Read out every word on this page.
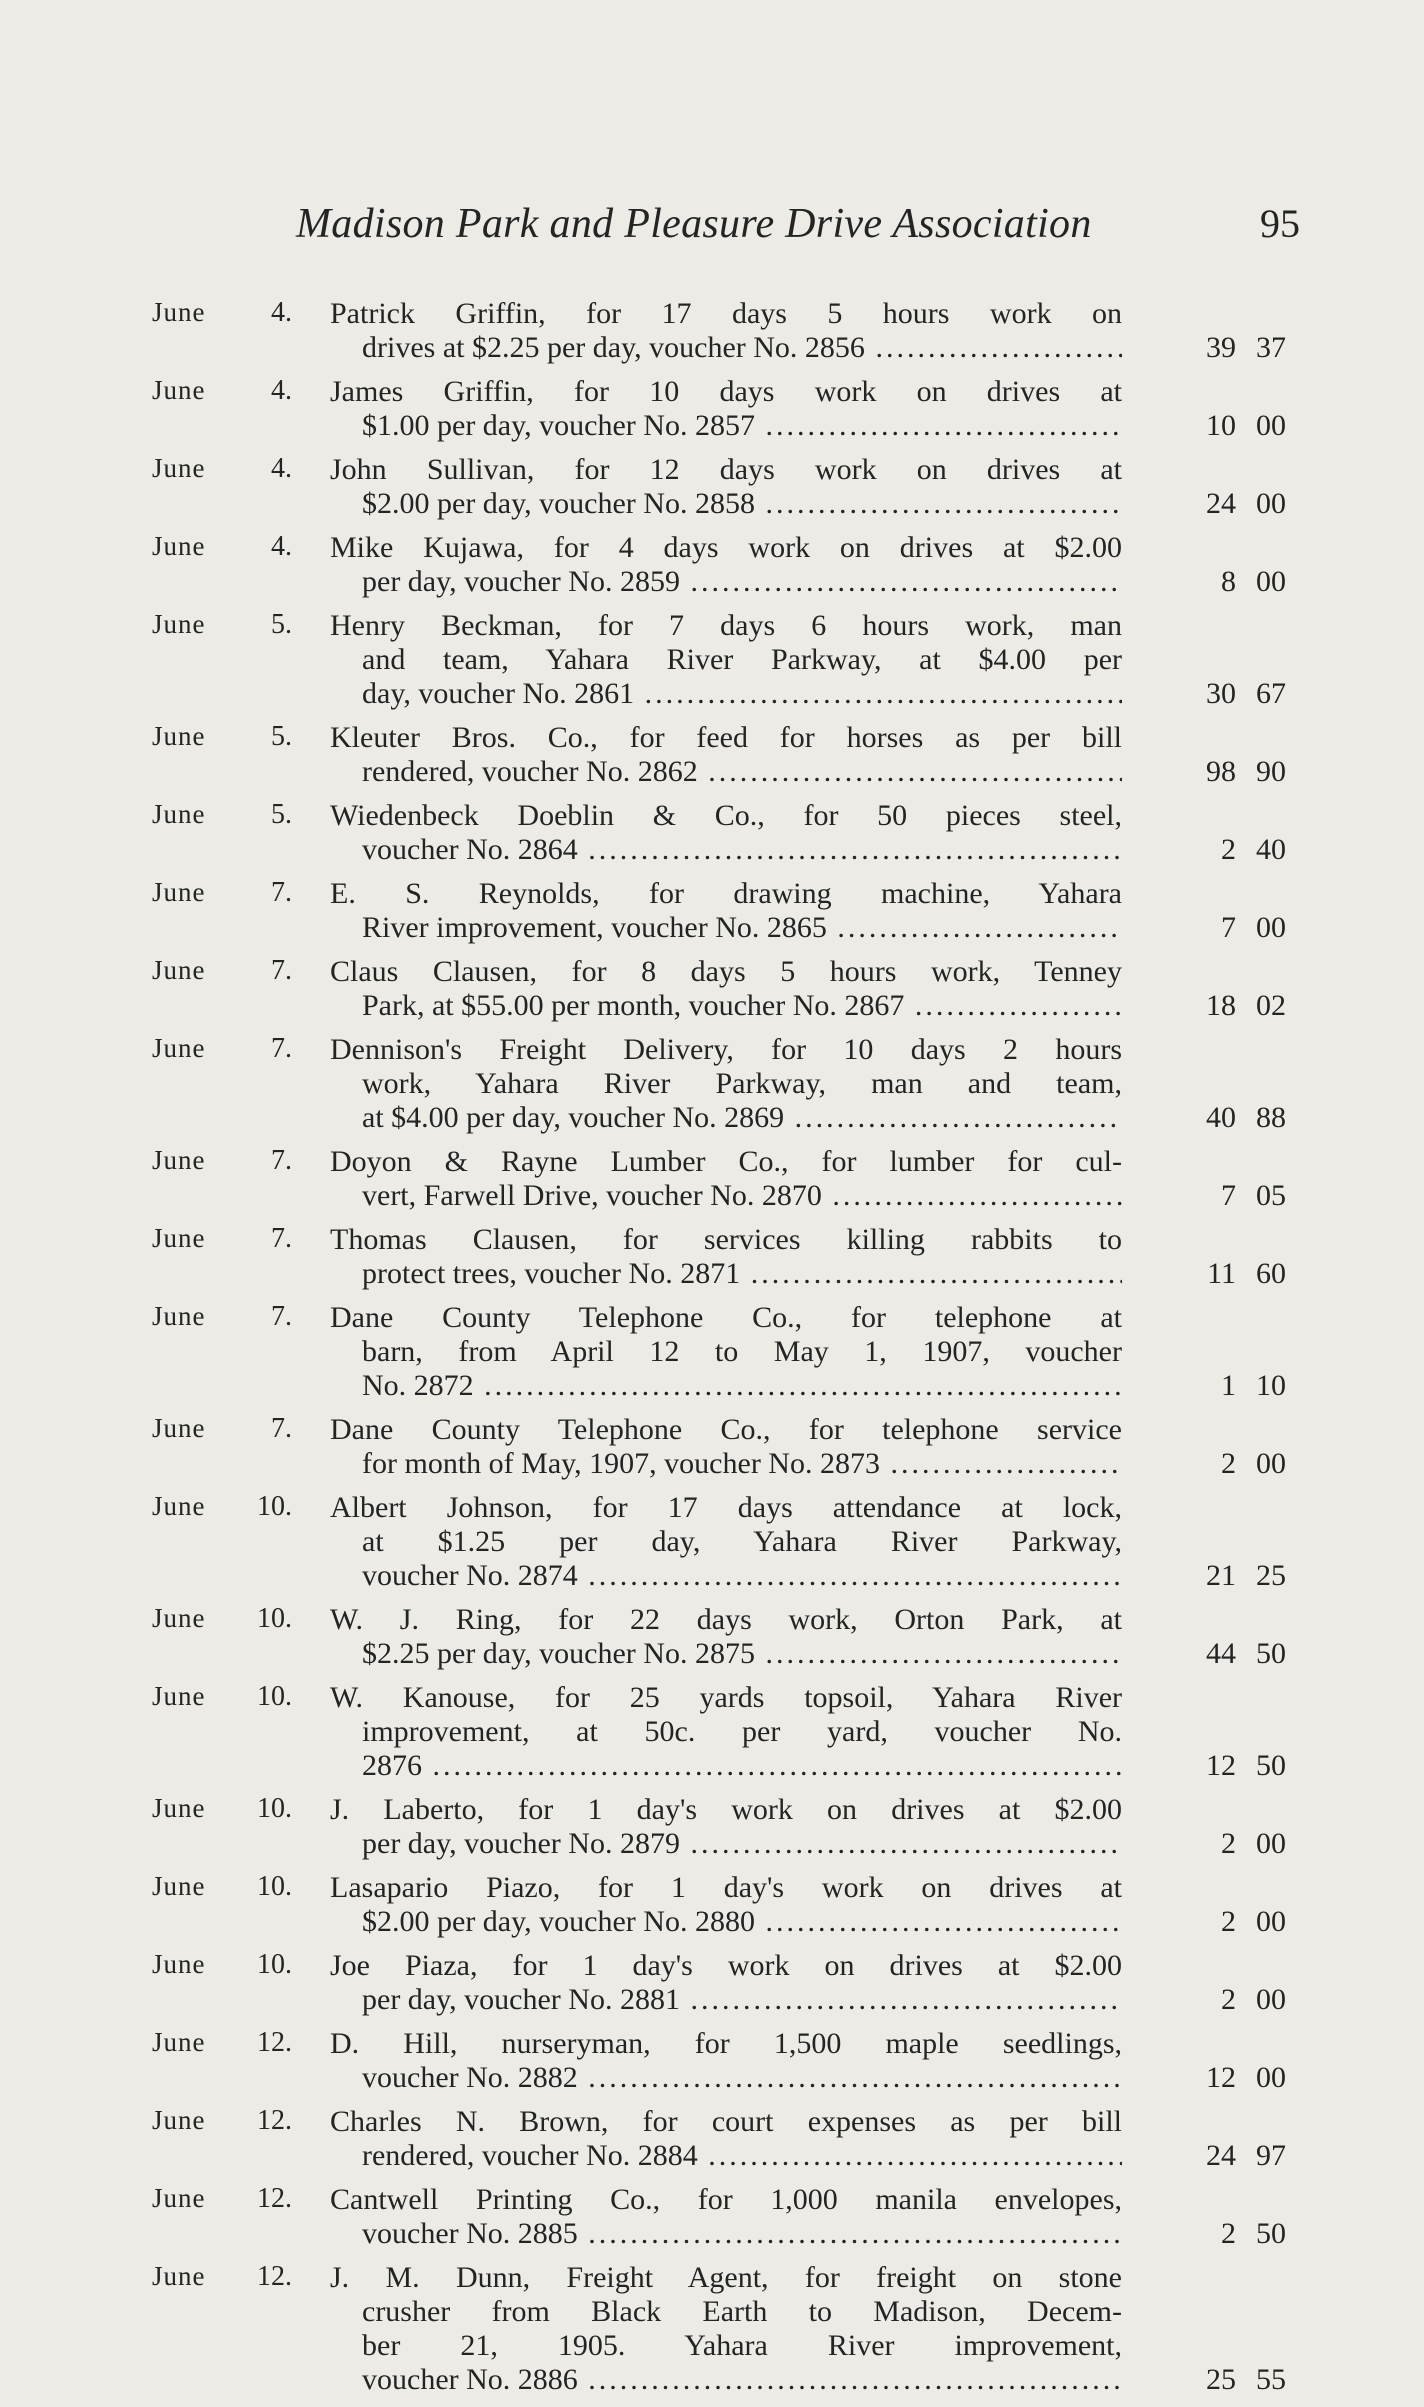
Madison Park and Pleasure Drive Association	95
June	4. Patrick Griffin, for 17 days 5 hours work on
drives at $2.25 per day, voucher No. 2856 .....	39 37
June	4. James Griffin, for 10 days work on drives at
$1.00 per day, voucher No. 2857 .....	10 00
June	4. John Sullivan, for 12 days work on drives at
$2.00 per day, voucher No. 2858 .....	24 00
June	4. Mike Kujawa, for 4 days work on drives at $2.00
per day, voucher No. 2859 .....	8 00
June	5. Henry Beckman, for 7 days 6 hours work, man
and team, Yahara River Parkway, at $4.00 per
day, voucher No. 2861 .....	30 67
June	5. Kleuter Bros. Co., for feed for horses as per bill
rendered, voucher No. 2862 .....	98 90
June	5. Wiedenbeck Doeblin & Co., for 50 pieces steel,
voucher No. 2864 .....	2 40
June	7. E. S. Reynolds, for drawing machine, Yahara
River improvement, voucher No. 2865 .....	7 00
June	7. Claus Clausen, for 8 days 5 hours work, Tenney
Park, at $55.00 per month, voucher No. 2867 .....	18 02
June	7. Dennison's Freight Delivery, for 10 days 2 hours
work, Yahara River Parkway, man and team,
at $4.00 per day, voucher No. 2869 .....	40 88
June	7. Doyon & Rayne Lumber Co., for lumber for cul-
vert, Farwell Drive, voucher No. 2870 .....	7 05
June	7. Thomas Clausen, for services killing rabbits to
protect trees, voucher No. 2871 .....	11 60
June	7. Dane County Telephone Co., for telephone at
barn, from April 12 to May 1, 1907, voucher
No. 2872 .....	1 10
June	7. Dane County Telephone Co., for telephone service
for month of May, 1907, voucher No. 2873 .....	2 00
June	10. Albert Johnson, for 17 days attendance at lock,
at $1.25 per day, Yahara River Parkway,
voucher No. 2874 .....	21 25
June	10. W. J. Ring, for 22 days work, Orton Park, at
$2.25 per day, voucher No. 2875 .....	44 50
June	10. W. Kanouse, for 25 yards topsoil, Yahara River
improvement, at 50c. per yard, voucher No.
2876 .....	12 50
June	10. J. Laberto, for 1 day's work on drives at $2.00
per day, voucher No. 2879 .....	2 00
June	10. Lasapario Piazo, for 1 day's work on drives at
$2.00 per day, voucher No. 2880 .....	2 00
June	10. Joe Piaza, for 1 day's work on drives at $2.00
per day, voucher No. 2881 .....	2 00
June	12. D. Hill, nurseryman, for 1,500 maple seedlings,
voucher No. 2882 .....	12 00
June	12. Charles N. Brown, for court expenses as per bill
rendered, voucher No. 2884 .....	24 97
June	12. Cantwell Printing Co., for 1,000 manila envelopes,
voucher No. 2885 .....	2 50
June	12. J. M. Dunn, Freight Agent, for freight on stone
crusher from Black Earth to Madison, Decem-
ber 21, 1905. Yahara River improvement,
voucher No. 2886 .....	25 55
